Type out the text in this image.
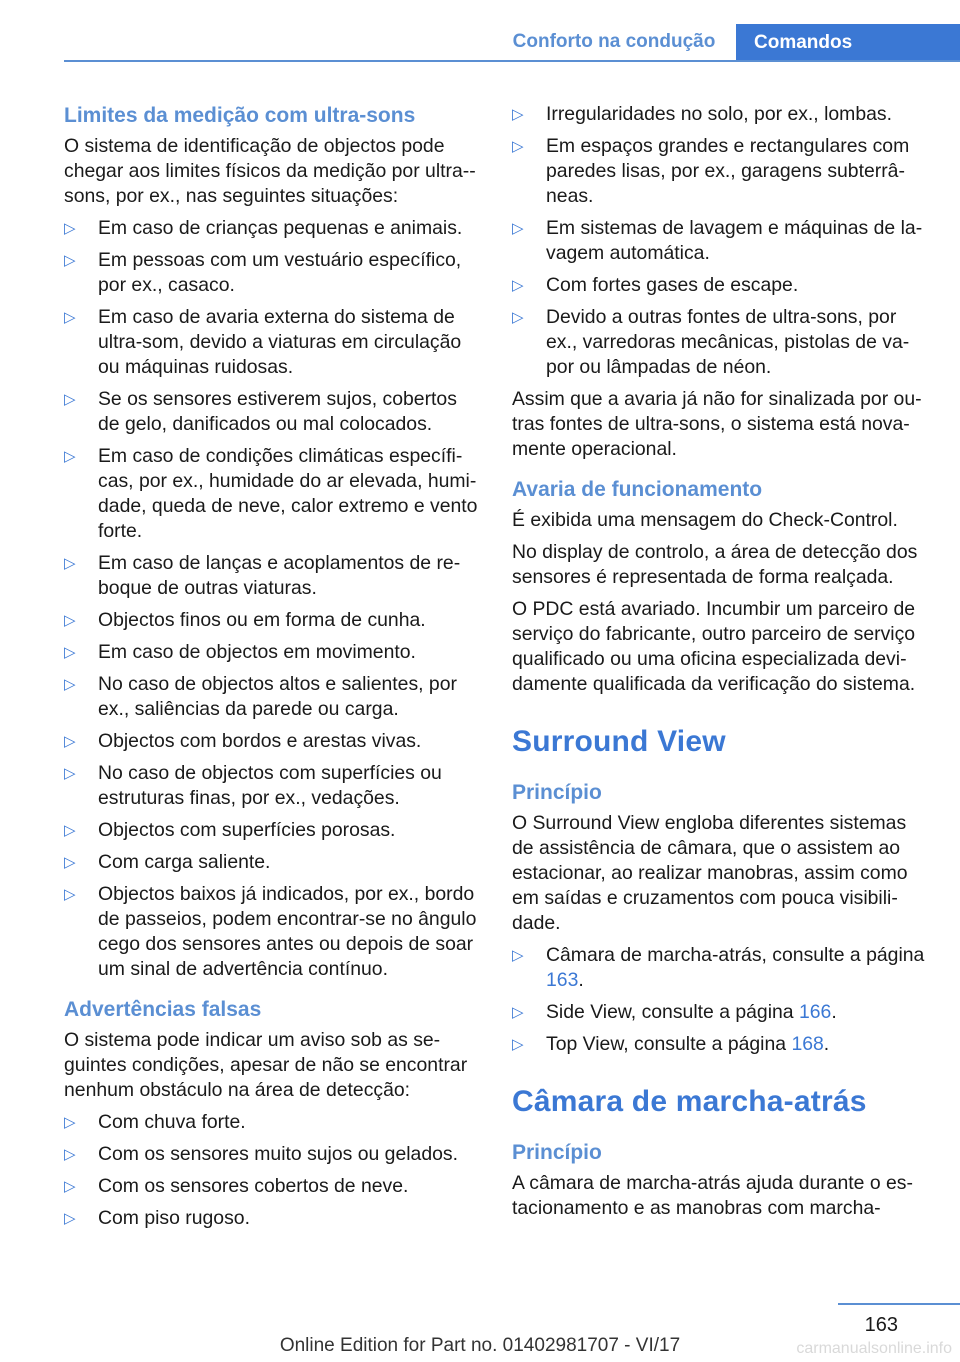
Conforto na condução	Comandos
Limites da medição com ultra-sons
O sistema de identificação de objectos pode chegar aos limites físicos da medição por ultra--sons, por ex., nas seguintes situações:
▷	Em caso de crianças pequenas e animais.
▷	Em pessoas com um vestuário específico, por ex., casaco.
▷	Em caso de avaria externa do sistema de ultra-som, devido a viaturas em circulação ou máquinas ruidosas.
▷	Se os sensores estiverem sujos, cobertos de gelo, danificados ou mal colocados.
▷	Em caso de condições climáticas específicas, por ex., humidade do ar elevada, humidade, queda de neve, calor extremo e vento forte.
▷	Em caso de lanças e acoplamentos de reboque de outras viaturas.
▷	Objectos finos ou em forma de cunha.
▷	Em caso de objectos em movimento.
▷	No caso de objectos altos e salientes, por ex., saliências da parede ou carga.
▷	Objectos com bordos e arestas vivas.
▷	No caso de objectos com superfícies ou estruturas finas, por ex., vedações.
▷	Objectos com superfícies porosas.
▷	Com carga saliente.
▷	Objectos baixos já indicados, por ex., bordo de passeios, podem encontrar-se no ângulo cego dos sensores antes ou depois de soar um sinal de advertência contínuo.
Advertências falsas
O sistema pode indicar um aviso sob as seguintes condições, apesar de não se encontrar nenhum obstáculo na área de detecção:
▷	Com chuva forte.
▷	Com os sensores muito sujos ou gelados.
▷	Com os sensores cobertos de neve.
▷	Com piso rugoso.
▷	Irregularidades no solo, por ex., lombas.
▷	Em espaços grandes e rectangulares com paredes lisas, por ex., garagens subterrâneas.
▷	Em sistemas de lavagem e máquinas de lavagem automática.
▷	Com fortes gases de escape.
▷	Devido a outras fontes de ultra-sons, por ex., varredoras mecânicas, pistolas de vapor ou lâmpadas de néon.
Assim que a avaria já não for sinalizada por outras fontes de ultra-sons, o sistema está novamente operacional.
Avaria de funcionamento
É exibida uma mensagem do Check-Control.
No display de controlo, a área de detecção dos sensores é representada de forma realçada.
O PDC está avariado. Incumbir um parceiro de serviço do fabricante, outro parceiro de serviço qualificado ou uma oficina especializada devidamente qualificada da verificação do sistema.
Surround View
Princípio
O Surround View engloba diferentes sistemas de assistência de câmara, que o assistem ao estacionar, ao realizar manobras, assim como em saídas e cruzamentos com pouca visibilidade.
▷	Câmara de marcha-atrás, consulte a página 163.
▷	Side View, consulte a página 166.
▷	Top View, consulte a página 168.
Câmara de marcha-atrás
Princípio
A câmara de marcha-atrás ajuda durante o estacionamento e as manobras com marcha-
163
Online Edition for Part no. 01402981707 - VI/17	carmanualsonline.info
